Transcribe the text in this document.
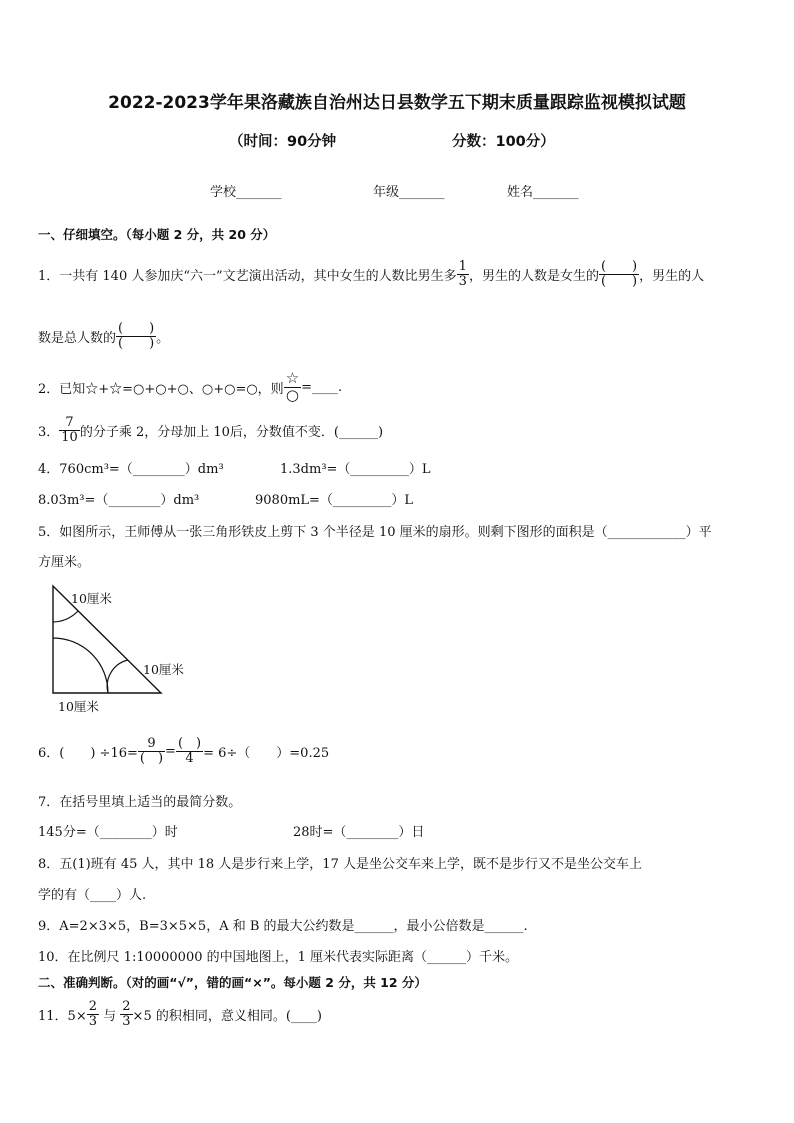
2022-2023学年果洛藏族自治州达日县数学五下期末质量跟踪监视模拟试题
（时间：90分钟	分数：100分）
学校_______	年级_______	姓名_______
一、仔细填空。（每小题 2 分，共 20 分）
1．一共有 140 人参加庆“六一”文艺演出活动，其中女生的人数比男生多 $\frac{1}{3}$ ，男生的人数是女生的 $\frac{( )}{( )}$ ，男生的人
数是总人数的 $\frac{( )}{( )}$ 。
2．已知☆+☆=○+○+○、○+○=○，则 $\frac{☆}{○}$ =____.
3． $\frac{7}{10}$ 的分子乘 2，分母加上 10后，分数值不变．(______)
4．760cm³=（________）dm³	1.3dm³=（_________）L
8.03m³=（________）dm³	9080mL=（_________）L
5．如图所示，王师傅从一张三角形铁皮上剪下 3 个半径是 10 厘米的扇形。则剩下图形的面积是（____________）平
方厘米。
10厘米
10厘米
10厘米
6．(　　) $\div 16= \frac{9}{( )} = \frac{( )}{4} = 6\div$（　　）=0.25
7．在括号里填上适当的最简分数。
145分=（________）时	28时=（________）日
8．五(1)班有 45 人，其中 18 人是步行来上学，17 人是坐公交车来上学，既不是步行又不是坐公交车上
学的有（____）人.
9．A=2×3×5，B=3×5×5，A 和 B 的最大公约数是______，最小公倍数是______.
10．在比例尺 1:10000000 的中国地图上，1 厘米代表实际距离（______）千米。
二、准确判断。（对的画“√”，错的画“×”。每小题 2 分，共 12 分）
11．$5\times \frac{2}{3}$ 与 $\frac{2}{3} \times 5$ 的积相同，意义相同。(____)
